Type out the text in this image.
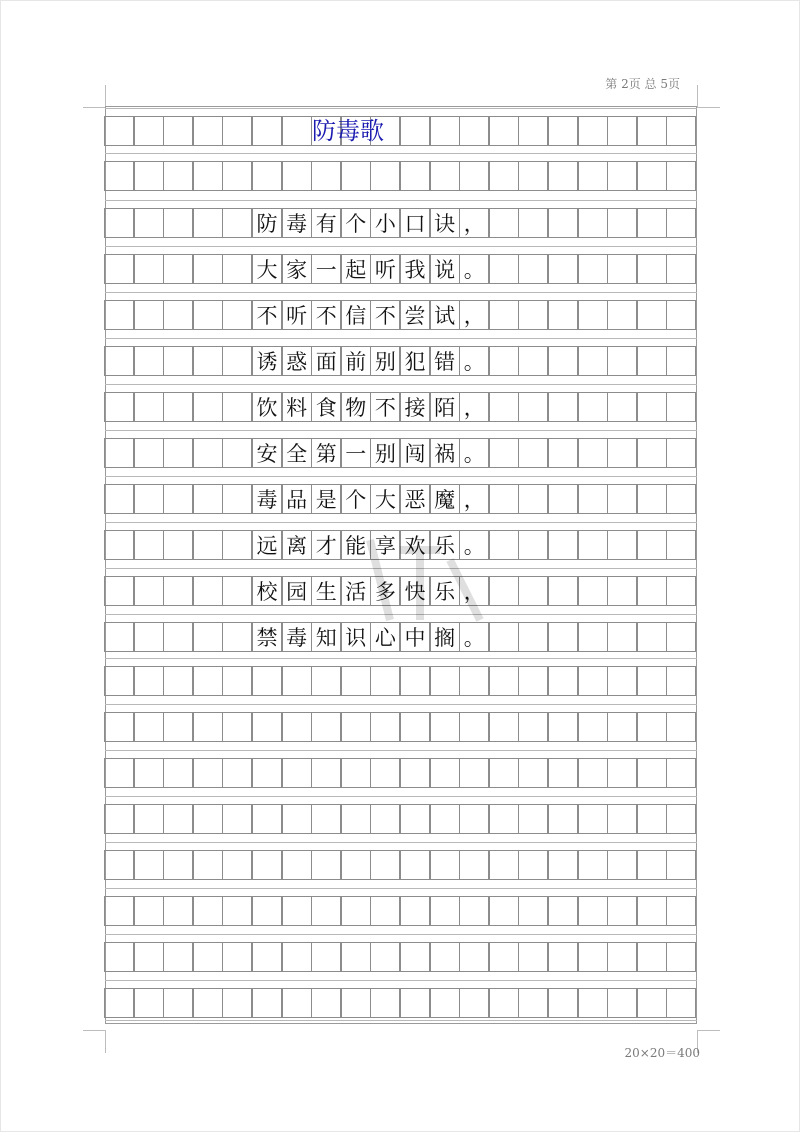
第 2页 总 5页
防 毒 有 个 小 口 诀 ，
大 家 一 起 听 我 说 。
不 听 不 信 不 尝 试 ，
诱 惑 面 前 别 犯 错 。
饮 料 食 物 不 接 陌 ，
安 全 第 一 别 闯 祸 。
毒 品 是 个 大 恶 魔 ，
远 离 才 能 享 欢 乐 。
校 园 生 活 多 快 乐 ，
禁 毒 知 识 心 中 搁 。
防毒歌
20×20＝400
